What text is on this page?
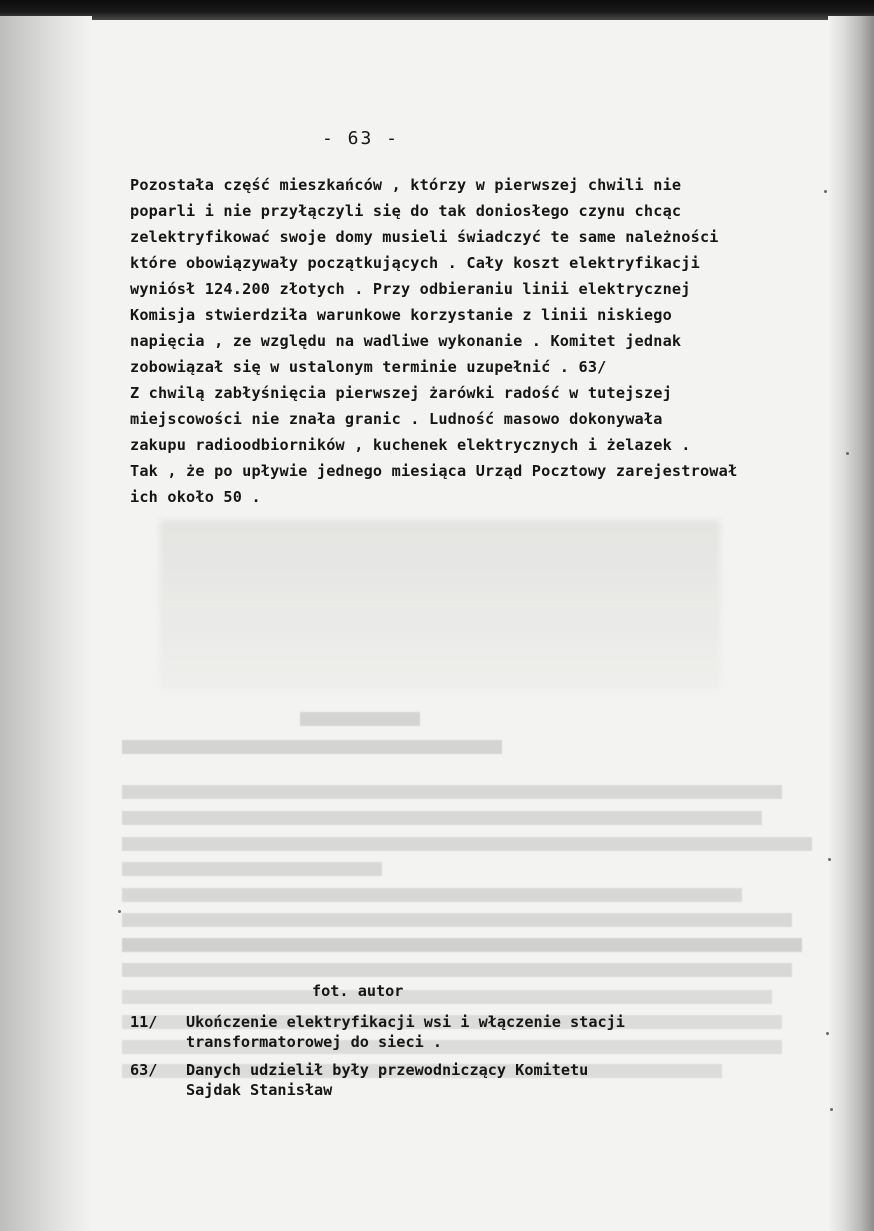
- 63 -
Pozostała część mieszkańców , którzy w pierwszej chwili nie
poparli i nie przyłączyli się do tak doniosłego czynu chcąc
zelektryfikować swoje domy musieli świadczyć te same należności
które obowiązywały początkujących . Cały koszt elektryfikacji
wyniósł 124.200 złotych . Przy odbieraniu linii elektrycznej
Komisja stwierdziła warunkowe korzystanie z linii niskiego
napięcia , ze względu na wadliwe wykonanie . Komitet jednak
zobowiązał się w ustalonym terminie uzupełnić . 63/
Z chwilą zabłyśnięcia pierwszej żarówki radość w tutejszej
miejscowości nie znała granic . Ludność masowo dokonywała
zakupu radioodbiorników , kuchenek elektrycznych i żelazek .
Tak , że po upływie jednego miesiąca Urząd Pocztowy zarejestrował
ich około 50 .
fot. autor
11/	Ukończenie elektryfikacji wsi i włączenie stacji
transformatorowej do sieci .
63/	Danych udzielił były przewodniczący Komitetu
Sajdak Stanisław
